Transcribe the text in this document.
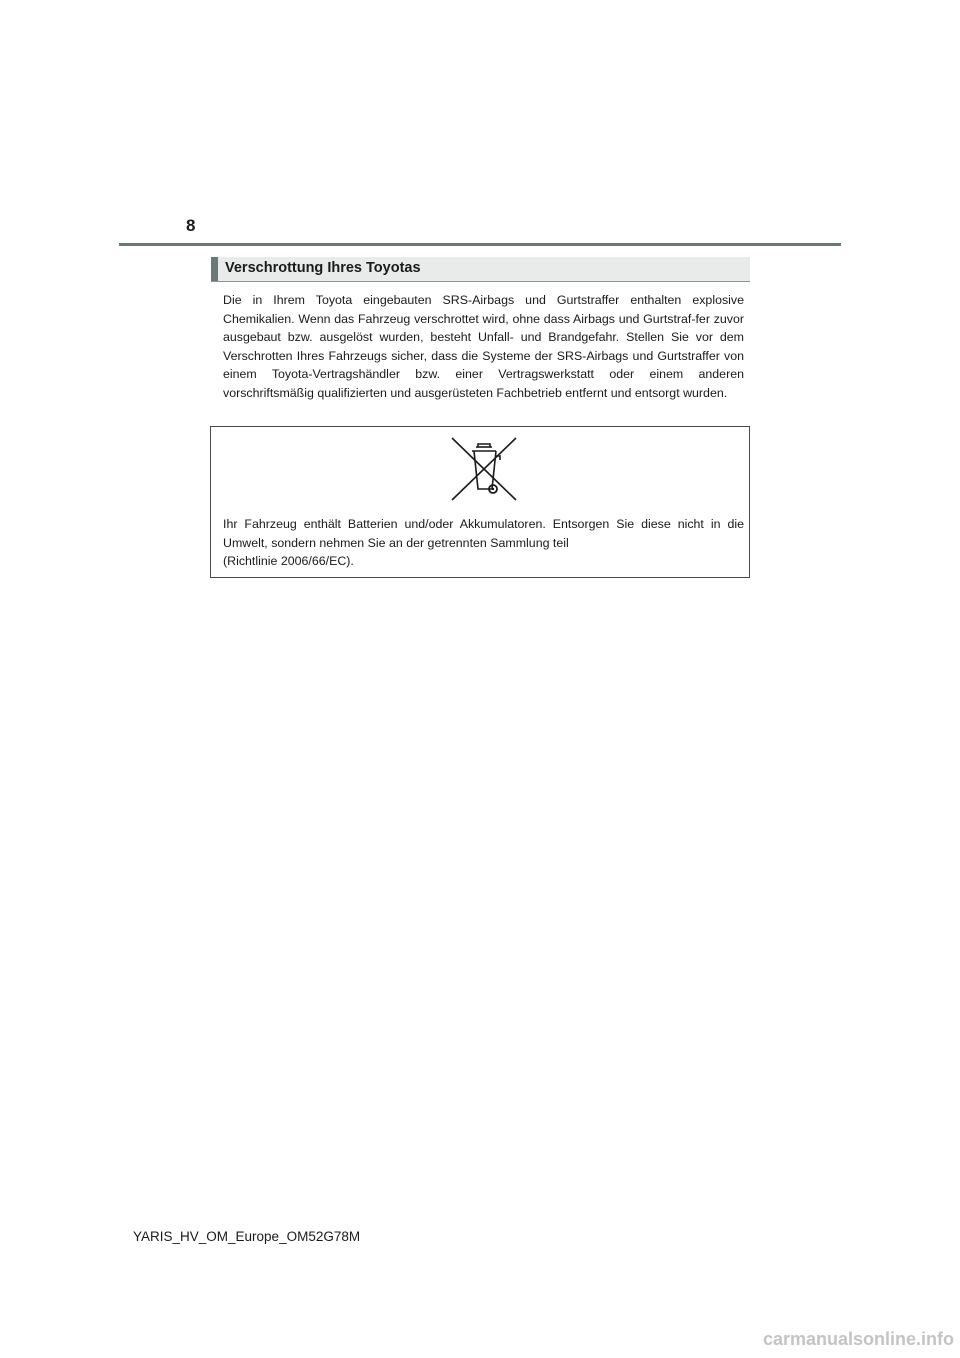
8
Verschrottung Ihres Toyotas

Die in Ihrem Toyota eingebauten SRS-Airbags und Gurtstraffer enthalten explosive Chemikalien. Wenn das Fahrzeug verschrottet wird, ohne dass Airbags und Gurtstraf-fer zuvor ausgebaut bzw. ausgelöst wurden, besteht Unfall- und Brandgefahr. Stellen Sie vor dem Verschrotten Ihres Fahrzeugs sicher, dass die Systeme der SRS-Airbags und Gurtstraffer von einem Toyota-Vertragshändler bzw. einer Vertragswerkstatt oder einem anderen vorschriftsmäßig qualifizierten und ausgerüsteten Fachbetrieb entfernt und entsorgt wurden.

Ihr Fahrzeug enthält Batterien und/oder Akkumulatoren. Entsorgen Sie diese nicht in die Umwelt, sondern nehmen Sie an der getrennten Sammlung teil
(Richtlinie 2006/66/EC).

YARIS_HV_OM_Europe_OM52G78M
carmanualsonline.info
